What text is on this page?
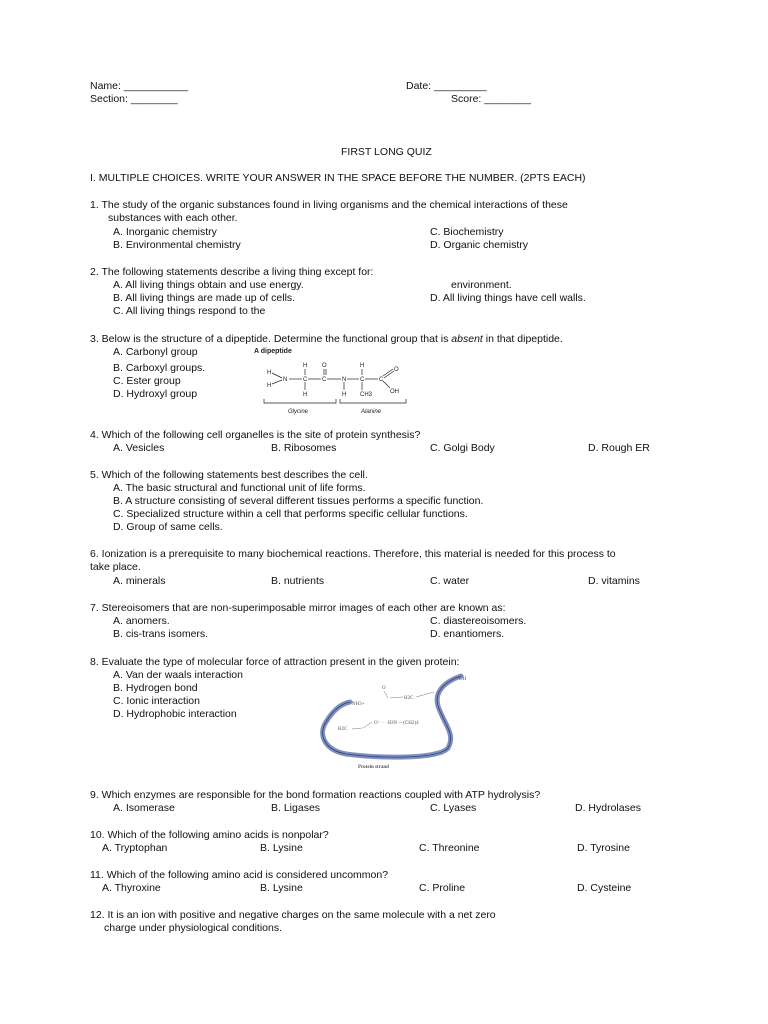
Name: ___________	Date: _________
Section: ________	Score: ________
FIRST LONG QUIZ
I. MULTIPLE CHOICES. WRITE YOUR ANSWER IN THE SPACE BEFORE THE NUMBER. (2PTS EACH)
1. The study of the organic substances found in living organisms and the chemical interactions of these
substances with each other.
A. Inorganic chemistry
B. Environmental chemistry
C. Biochemistry
D. Organic chemistry
2. The following statements describe a living thing except for:
A. All living things obtain and use energy.	environment.
B. All living things are made up of cells.	D. All living things have cell walls.
C. All living things respond to the
3. Below is the structure of a dipeptide. Determine the functional group that is absent in that dipeptide.
A. Carbonyl group
B. Carboxyl groups.
C. Ester group
D. Hydroxyl group
A dipeptide
H O	H
H
H
N	C C	N C C
O
OH
H	H CH3
Glycine	Alanine
4. Which of the following cell organelles is the site of protein synthesis?
A. Vesicles	B. Ribosomes	C. Golgi Body	D. Rough ER
5. Which of the following statements best describes the cell.
A. The basic structural and functional unit of life forms.
B. A structure consisting of several different tissues performs a specific function.
C. Specialized structure within a cell that performs specific cellular functions.
D. Group of same cells.
6. Ionization is a prerequisite to many biochemical reactions. Therefore, this material is needed for this process to
take place.
A. minerals	B. nutrients	C. water	D. vitamins
7. Stereoisomers that are non-superimposable mirror images of each other are known as:
A. anomers.	C. diastereoisomers.
B. cis-trans isomers.	D. enantiomers.
8. Evaluate the type of molecular force of attraction present in the given protein:
A. Van der waals interaction
B. Hydrogen bond
C. Ionic interaction
D. Hydrophobic interaction
OH
O
H2C
NH3+
O⁻ · · H3N —(CH2)4
H2C
Protein strand
9. Which enzymes are responsible for the bond formation reactions coupled with ATP hydrolysis?
A. Isomerase	B. Ligases	C. Lyases	D. Hydrolases
10. Which of the following amino acids is nonpolar?
A. Tryptophan	B. Lysine	C. Threonine	D. Tyrosine
11. Which of the following amino acid is considered uncommon?
A. Thyroxine	B. Lysine	C. Proline	D. Cysteine
12. It is an ion with positive and negative charges on the same molecule with a net zero
charge under physiological conditions.
